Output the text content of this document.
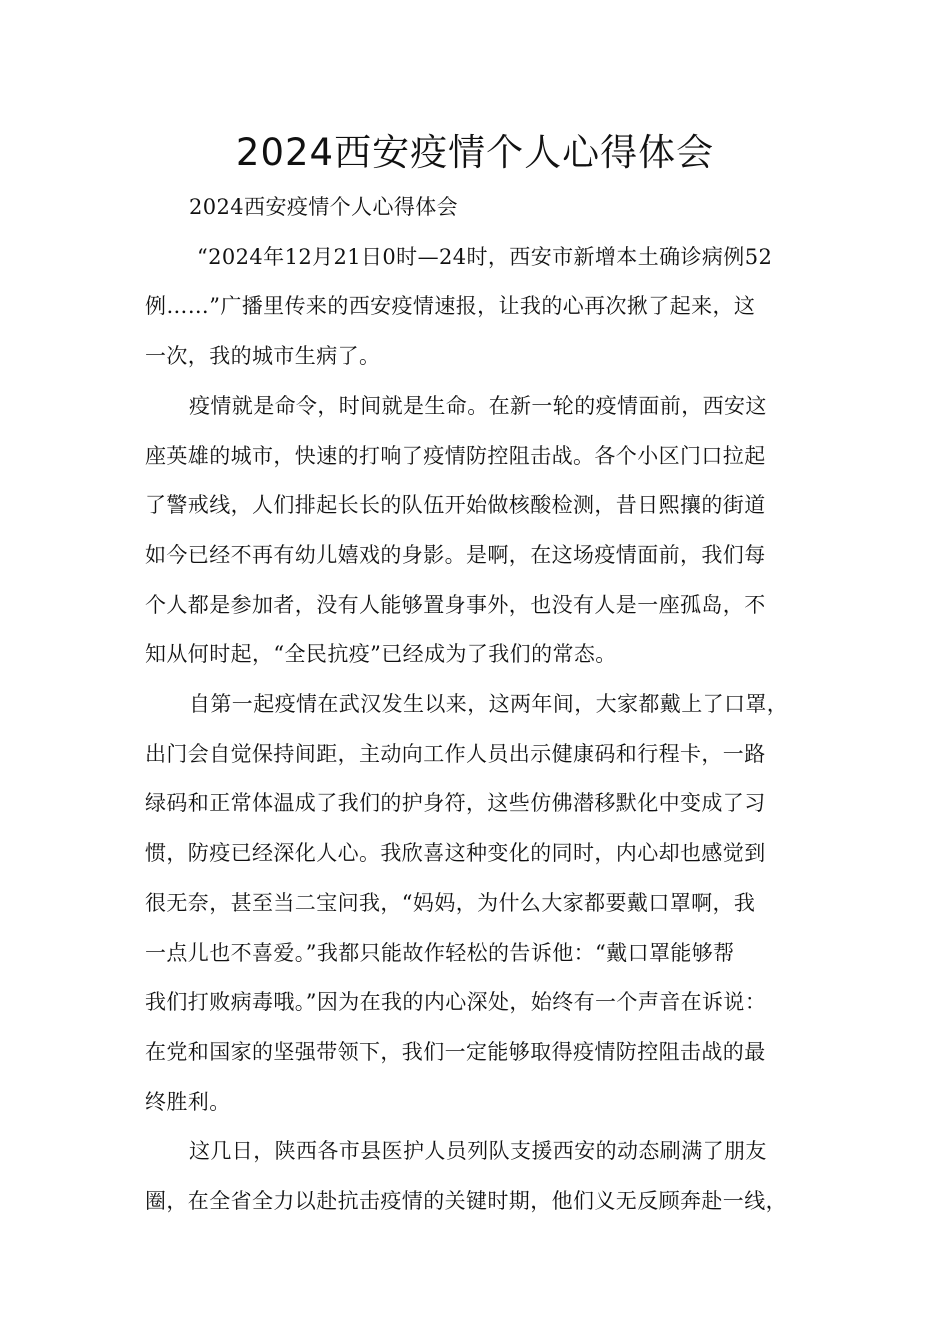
2024西安疫情个人心得体会
2024西安疫情个人心得体会
“2024年12月21日0时—24时，西安市新增本土确诊病例52
例……”广播里传来的西安疫情速报，让我的心再次揪了起来，这
一次，我的城市生病了。
疫情就是命令，时间就是生命。在新一轮的疫情面前，西安这
座英雄的城市，快速的打响了疫情防控阻击战。各个小区门口拉起
了警戒线，人们排起长长的队伍开始做核酸检测，昔日熙攘的街道
如今已经不再有幼儿嬉戏的身影。是啊，在这场疫情面前，我们每
个人都是参加者，没有人能够置身事外，也没有人是一座孤岛，不
知从何时起，“全民抗疫”已经成为了我们的常态。
自第一起疫情在武汉发生以来，这两年间，大家都戴上了口罩，
出门会自觉保持间距，主动向工作人员出示健康码和行程卡，一路
绿码和正常体温成了我们的护身符，这些仿佛潜移默化中变成了习
惯，防疫已经深化人心。我欣喜这种变化的同时，内心却也感觉到
很无奈，甚至当二宝问我，“妈妈，为什么大家都要戴口罩啊，我
一点儿也不喜爱。”我都只能故作轻松的告诉他：“戴口罩能够帮
我们打败病毒哦。”因为在我的内心深处，始终有一个声音在诉说：
在党和国家的坚强带领下，我们一定能够取得疫情防控阻击战的最
终胜利。
这几日，陕西各市县医护人员列队支援西安的动态刷满了朋友
圈，在全省全力以赴抗击疫情的关键时期，他们义无反顾奔赴一线，
